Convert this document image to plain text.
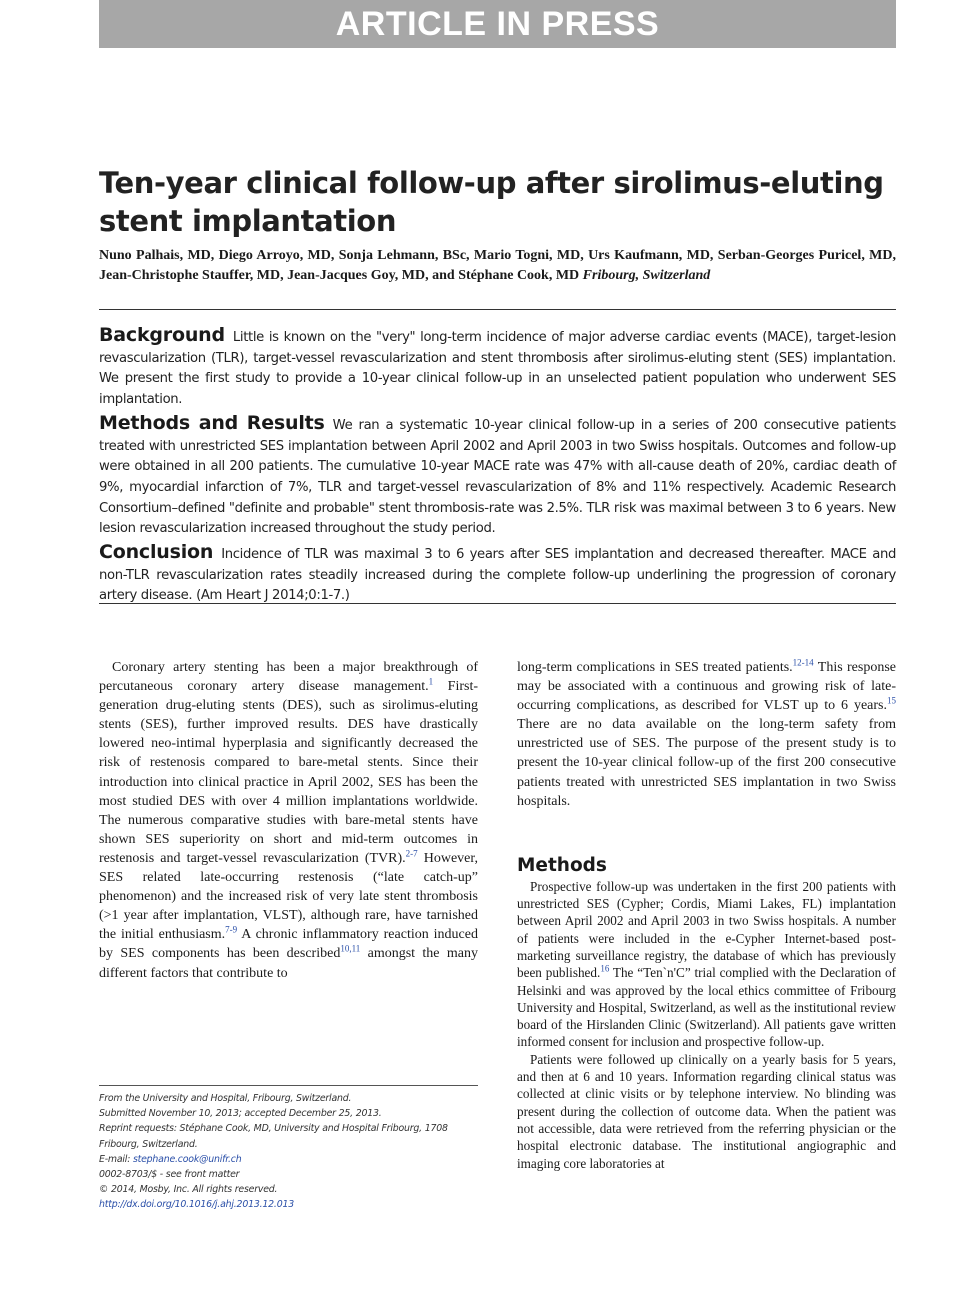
ARTICLE IN PRESS
Ten-year clinical follow-up after sirolimus-eluting stent implantation
Nuno Palhais, MD, Diego Arroyo, MD, Sonja Lehmann, BSc, Mario Togni, MD, Urs Kaufmann, MD, Serban-Georges Puricel, MD, Jean-Christophe Stauffer, MD, Jean-Jacques Goy, MD, and Stéphane Cook, MD Fribourg, Switzerland

Background Little is known on the "very" long-term incidence of major adverse cardiac events (MACE), target-lesion revascularization (TLR), target-vessel revascularization and stent thrombosis after sirolimus-eluting stent (SES) implantation. We present the first study to provide a 10-year clinical follow-up in an unselected patient population who underwent SES implantation.

Methods and Results We ran a systematic 10-year clinical follow-up in a series of 200 consecutive patients treated with unrestricted SES implantation between April 2002 and April 2003 in two Swiss hospitals. Outcomes and follow-up were obtained in all 200 patients. The cumulative 10-year MACE rate was 47% with all-cause death of 20%, cardiac death of 9%, myocardial infarction of 7%, TLR and target-vessel revascularization of 8% and 11% respectively. Academic Research Consortium–defined "definite and probable" stent thrombosis-rate was 2.5%. TLR risk was maximal between 3 to 6 years. New lesion revascularization increased throughout the study period.

Conclusion Incidence of TLR was maximal 3 to 6 years after SES implantation and decreased thereafter. MACE and non-TLR revascularization rates steadily increased during the complete follow-up underlining the progression of coronary artery disease. (Am Heart J 2014;0:1-7.)

Coronary artery stenting has been a major breakthrough of percutaneous coronary artery disease management.$^1$ First-generation drug-eluting stents (DES), such as sirolimus-eluting stents (SES), further improved results. DES have drastically lowered neo-intimal hyperplasia and significantly decreased the risk of restenosis compared to bare-metal stents. Since their introduction into clinical practice in April 2002, SES has been the most studied DES with over 4 million implantations worldwide. The numerous comparative studies with bare-metal stents have shown SES superiority on short and mid-term outcomes in restenosis and target-vessel revascularization (TVR).$^{2-7}$ However, SES related late-occurring restenosis (“late catch-up” phenomenon) and the increased risk of very late stent thrombosis (>1 year after implantation, VLST), although rare, have tarnished the initial enthusiasm.$^{7-9}$ A chronic inflammatory reaction induced by SES components has been described$^{10,11}$ amongst the many different factors that contribute to

long-term complications in SES treated patients.$^{12-14}$ This response may be associated with a continuous and growing risk of late-occurring complications, as described for VLST up to 6 years.$^{15}$ There are no data available on the long-term safety from unrestricted use of SES. The purpose of the present study is to present the 10-year clinical follow-up of the first 200 consecutive patients treated with unrestricted SES implantation in two Swiss hospitals.

Methods

Prospective follow-up was undertaken in the first 200 patients with unrestricted SES (Cypher; Cordis, Miami Lakes, FL) implantation between April 2002 and April 2003 in two Swiss hospitals. A number of patients were included in the e-Cypher Internet-based post-marketing surveillance registry, the database of which has previously been published.$^{16}$ The “Ten`n'C” trial complied with the Declaration of Helsinki and was approved by the local ethics committee of Fribourg University and Hospital, Switzerland, as well as the institutional review board of the Hirslanden Clinic (Switzerland). All patients gave written informed consent for inclusion and prospective follow-up.

Patients were followed up clinically on a yearly basis for 5 years, and then at 6 and 10 years. Information regarding clinical status was collected at clinic visits or by telephone interview. No blinding was present during the collection of outcome data. When the patient was not accessible, data were retrieved from the referring physician or the hospital electronic database. The institutional angiographic and imaging core laboratories at

From the University and Hospital, Fribourg, Switzerland.
Submitted November 10, 2013; accepted December 25, 2013.
Reprint requests: Stéphane Cook, MD, University and Hospital Fribourg, 1708 Fribourg, Switzerland.
E-mail: stephane.cook@unifr.ch
0002-8703/$ - see front matter
© 2014, Mosby, Inc. All rights reserved.
http://dx.doi.org/10.1016/j.ahj.2013.12.013
